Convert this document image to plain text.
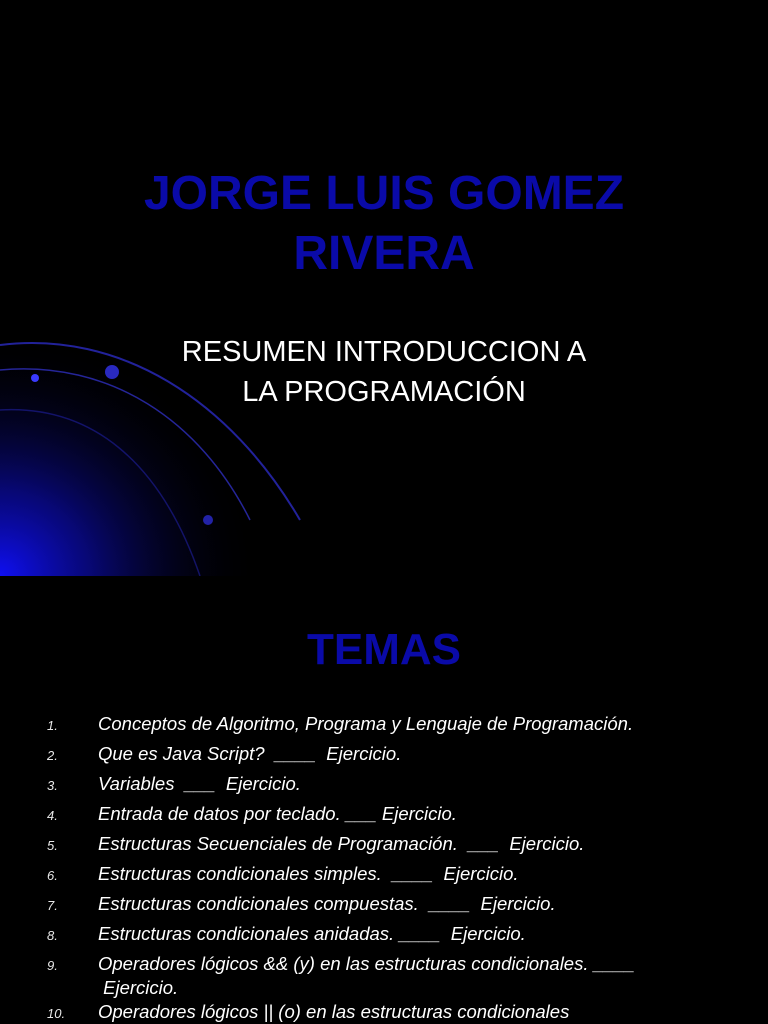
JORGE LUIS GOMEZ
RIVERA

RESUMEN INTRODUCCION A

LA PROGRAMACIÓN

TEMAS
1. Conceptos de Algoritmo, Programa y Lenguaje de Programación.
2. Que es Java Script?  ____  Ejercicio.
3. Variables  ___  Ejercicio.
4. Entrada de datos por teclado. ___ Ejercicio.
5. Estructuras Secuenciales de Programación.  ___  Ejercicio.
6. Estructuras condicionales simples.  ____  Ejercicio.
7. Estructuras condicionales compuestas.  ____  Ejercicio.
8. Estructuras condicionales anidadas. ____  Ejercicio.
9. Operadores lógicos && (y) en las estructuras condicionales. ____
Ejercicio.
10. Operadores lógicos || (o) en las estructuras condicionales
